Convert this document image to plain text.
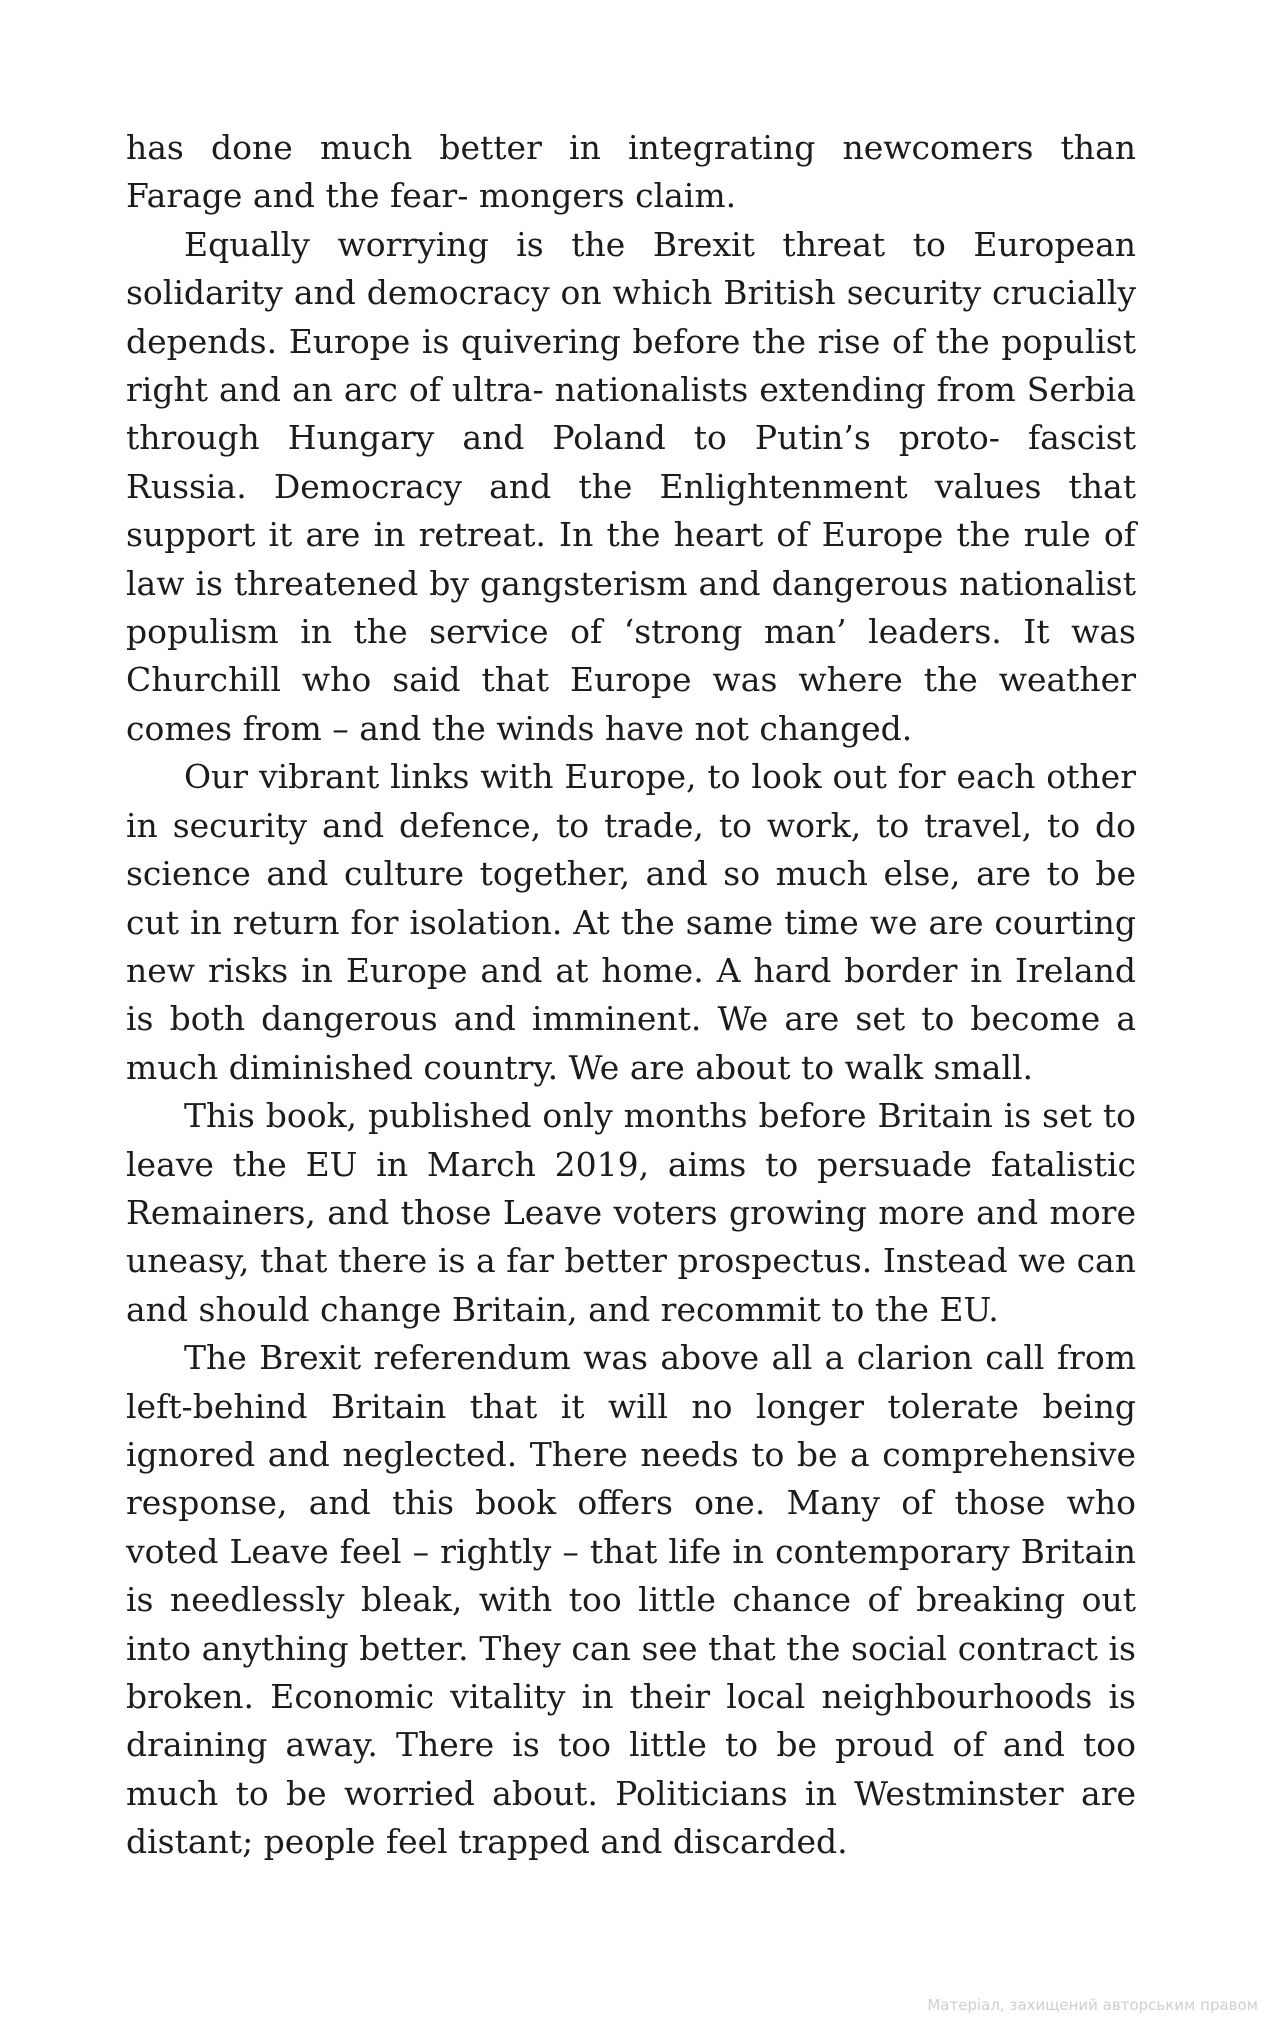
has done much better in integrating newcomers than Farage and the fear- mongers claim.

Equally worrying is the Brexit threat to European solidarity and democracy on which British security crucially depends. Europe is quivering before the rise of the populist right and an arc of ultra- nationalists extending from Serbia through Hungary and Poland to Putin’s proto- fascist Russia. Democracy and the Enlightenment values that support it are in retreat. In the heart of Europe the rule of law is threatened by gangsterism and dangerous nationalist populism in the service of ‘strong man’ leaders. It was Churchill who said that Europe was where the weather comes from – and the winds have not changed.

Our vibrant links with Europe, to look out for each other in security and defence, to trade, to work, to travel, to do science and culture together, and so much else, are to be cut in return for isolation. At the same time we are courting new risks in Europe and at home. A hard border in Ireland is both dangerous and imminent. We are set to become a much diminished country. We are about to walk small.

This book, published only months before Britain is set to leave the EU in March 2019, aims to persuade fatalistic Remainers, and those Leave voters growing more and more uneasy, that there is a far better prospectus. Instead we can and should change Britain, and recommit to the EU.

The Brexit referendum was above all a clarion call from left-behind Britain that it will no longer tolerate being ignored and neglected. There needs to be a comprehensive response, and this book offers one. Many of those who voted Leave feel – rightly – that life in contemporary Britain is needlessly bleak, with too little chance of breaking out into anything better. They can see that the social contract is broken. Economic vitality in their local neighbourhoods is draining away. There is too little to be proud of and too much to be worried about. Politicians in Westminster are distant; people feel trapped and discarded.

Матеріал, захищений авторським правом
